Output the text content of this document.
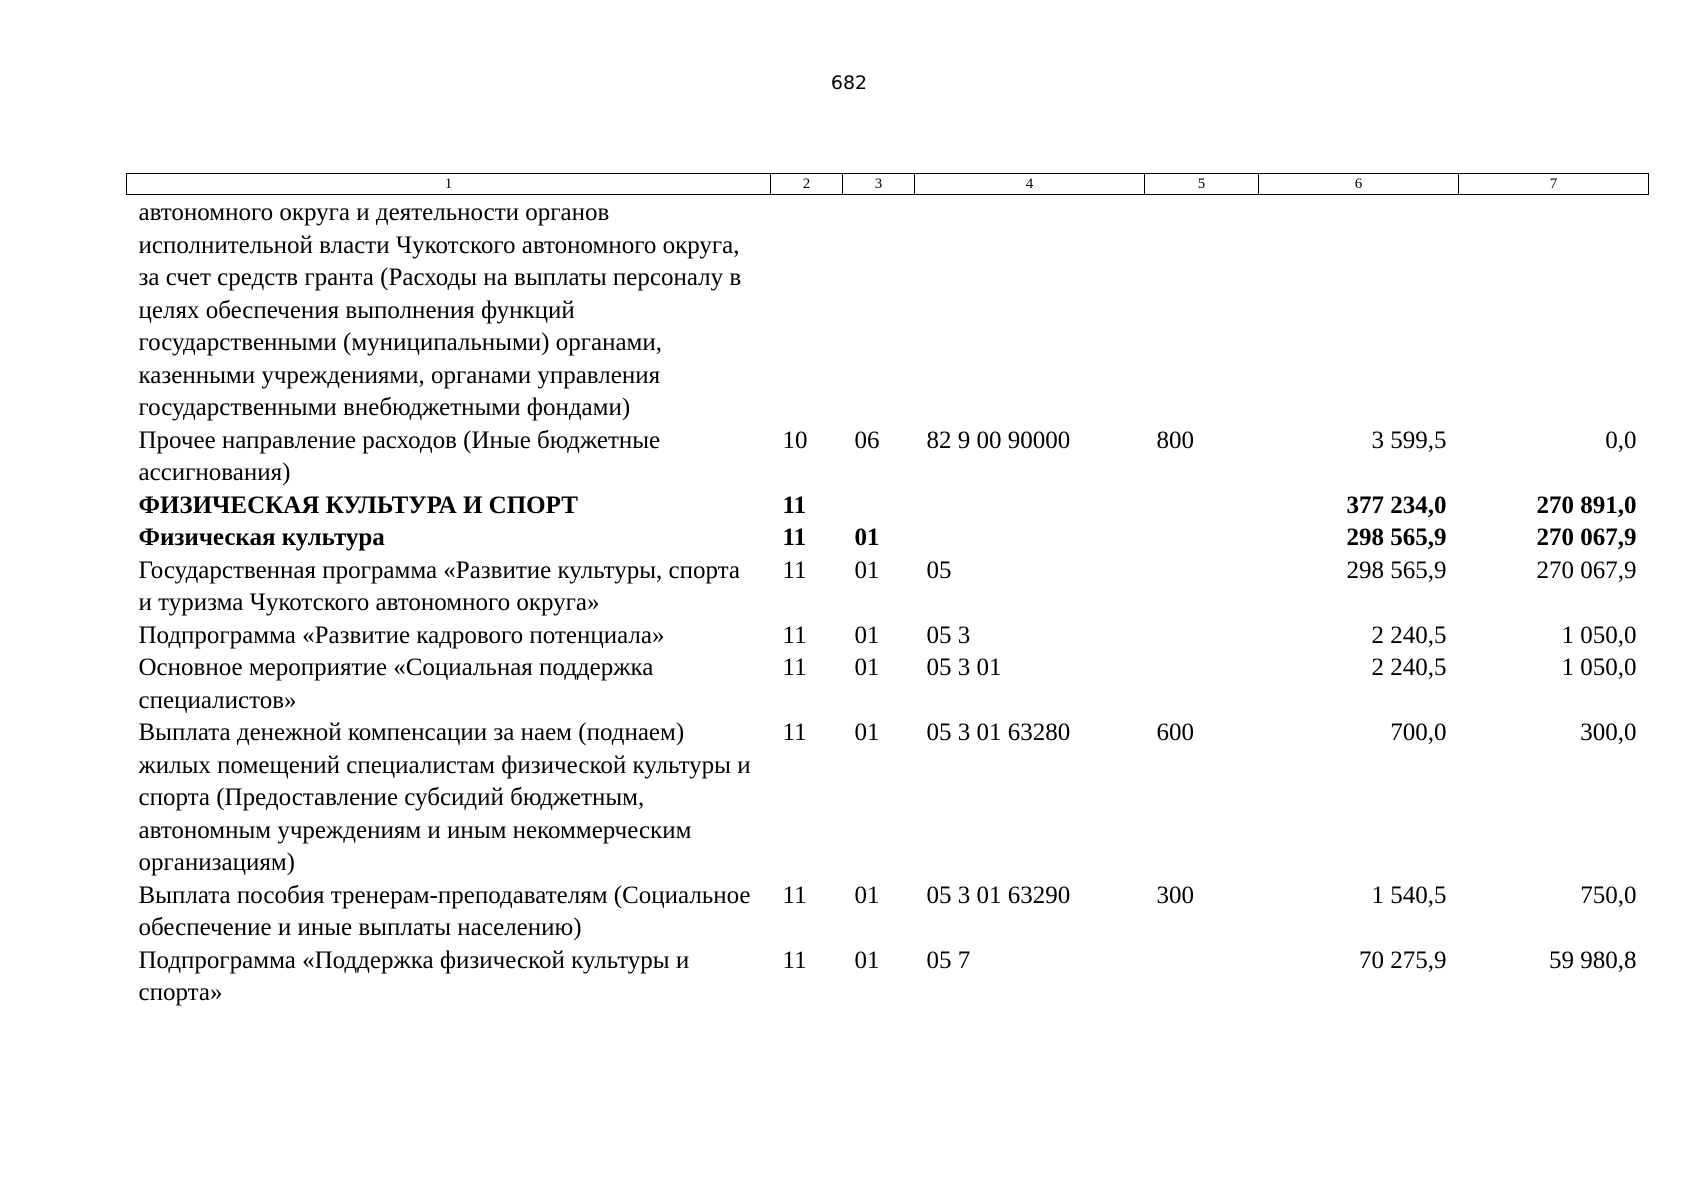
682
1	2	3	4	5	6	7
автономного округа и деятельности органов исполнительной власти Чукотского автономного округа, за счет средств гранта (Расходы на выплаты персоналу в целях обеспечения выполнения функций государственными (муниципальными) органами, казенными учреждениями, органами управления государственными внебюджетными фондами)						
Прочее направление расходов (Иные бюджетные ассигнования)	10	06	82 9 00 90000	800	3 599,5	0,0
ФИЗИЧЕСКАЯ КУЛЬТУРА И СПОРТ	11				377 234,0	270 891,0
Физическая культура	11	01			298 565,9	270 067,9
Государственная программа «Развитие культуры, спорта и туризма Чукотского автономного округа»	11	01	05		298 565,9	270 067,9
Подпрограмма «Развитие кадрового потенциала»	11	01	05 3		2 240,5	1 050,0
Основное мероприятие «Социальная поддержка специалистов»	11	01	05 3 01		2 240,5	1 050,0
Выплата денежной компенсации за наем (поднаем) жилых помещений специалистам физической культуры и спорта (Предоставление субсидий бюджетным, автономным учреждениям и иным некоммерческим организациям)	11	01	05 3 01 63280	600	700,0	300,0
Выплата пособия тренерам-преподавателям (Социальное обеспечение и иные выплаты населению)	11	01	05 3 01 63290	300	1 540,5	750,0
Подпрограмма «Поддержка физической культуры и спорта»	11	01	05 7		70 275,9	59 980,8
